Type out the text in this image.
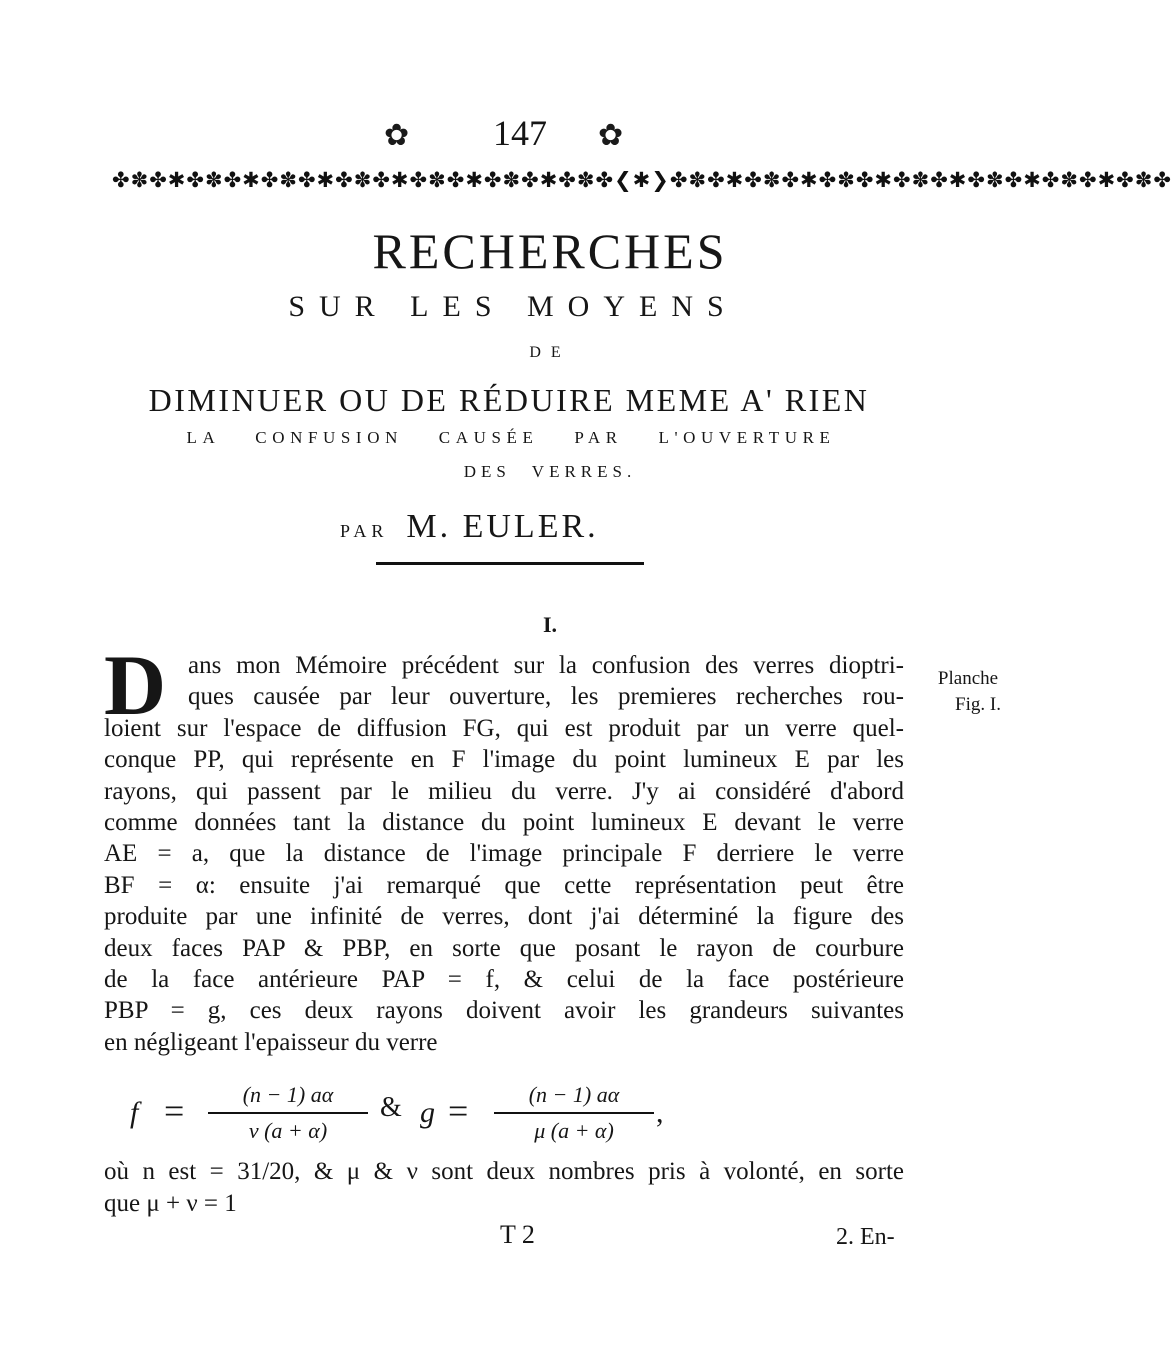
✿	147	✿
✤✽✤✱✤✽✤✱✤✽✤✱✤✽✤✱✤✽✤✱✤✽✤✱✤✽✤❮✱❯✤✽✤✱✤✽✤✱✤✽✤✱✤✽✤✱✤✽✤✱✤✽✤✱✤✽✤
RECHERCHES
SUR LES MOYENS
DE
DIMINUER OU DE RÉDUIRE MEME A' RIEN
LA CONFUSION CAUSÉE PAR L'OUVERTURE
DES VERRES.
PAR M. EULER.
I.
Planche
Fig. I.
D ans mon Mémoire précédent sur la confusion des verres dioptri-
ques causée par leur ouverture, les premieres recherches rou-
loient sur l'espace de diffusion FG, qui est produit par un verre quel-
conque PP, qui représente en F l'image du point lumineux E par les
rayons, qui passent par le milieu du verre. J'y ai considéré d'abord
comme données tant la distance du point lumineux E devant le verre
AE = a, que la distance de l'image principale F derriere le verre
BF = α: ensuite j'ai remarqué que cette représentation peut être
produite par une infinité de verres, dont j'ai déterminé la figure des
deux faces PAP & PBP, en sorte que posant le rayon de courbure
de la face antérieure PAP = f, & celui de la face postérieure
PBP = g, ces deux rayons doivent avoir les grandeurs suivantes
en négligeant l'epaisseur du verre
f =	(n − 1) aα
ν (a + α)
& g =	(n − 1) aα
μ (a + α)
,
où n est = 31/20, & μ & ν sont deux nombres pris à volonté, en sorte
que μ + ν = 1
T 2	2. En-
